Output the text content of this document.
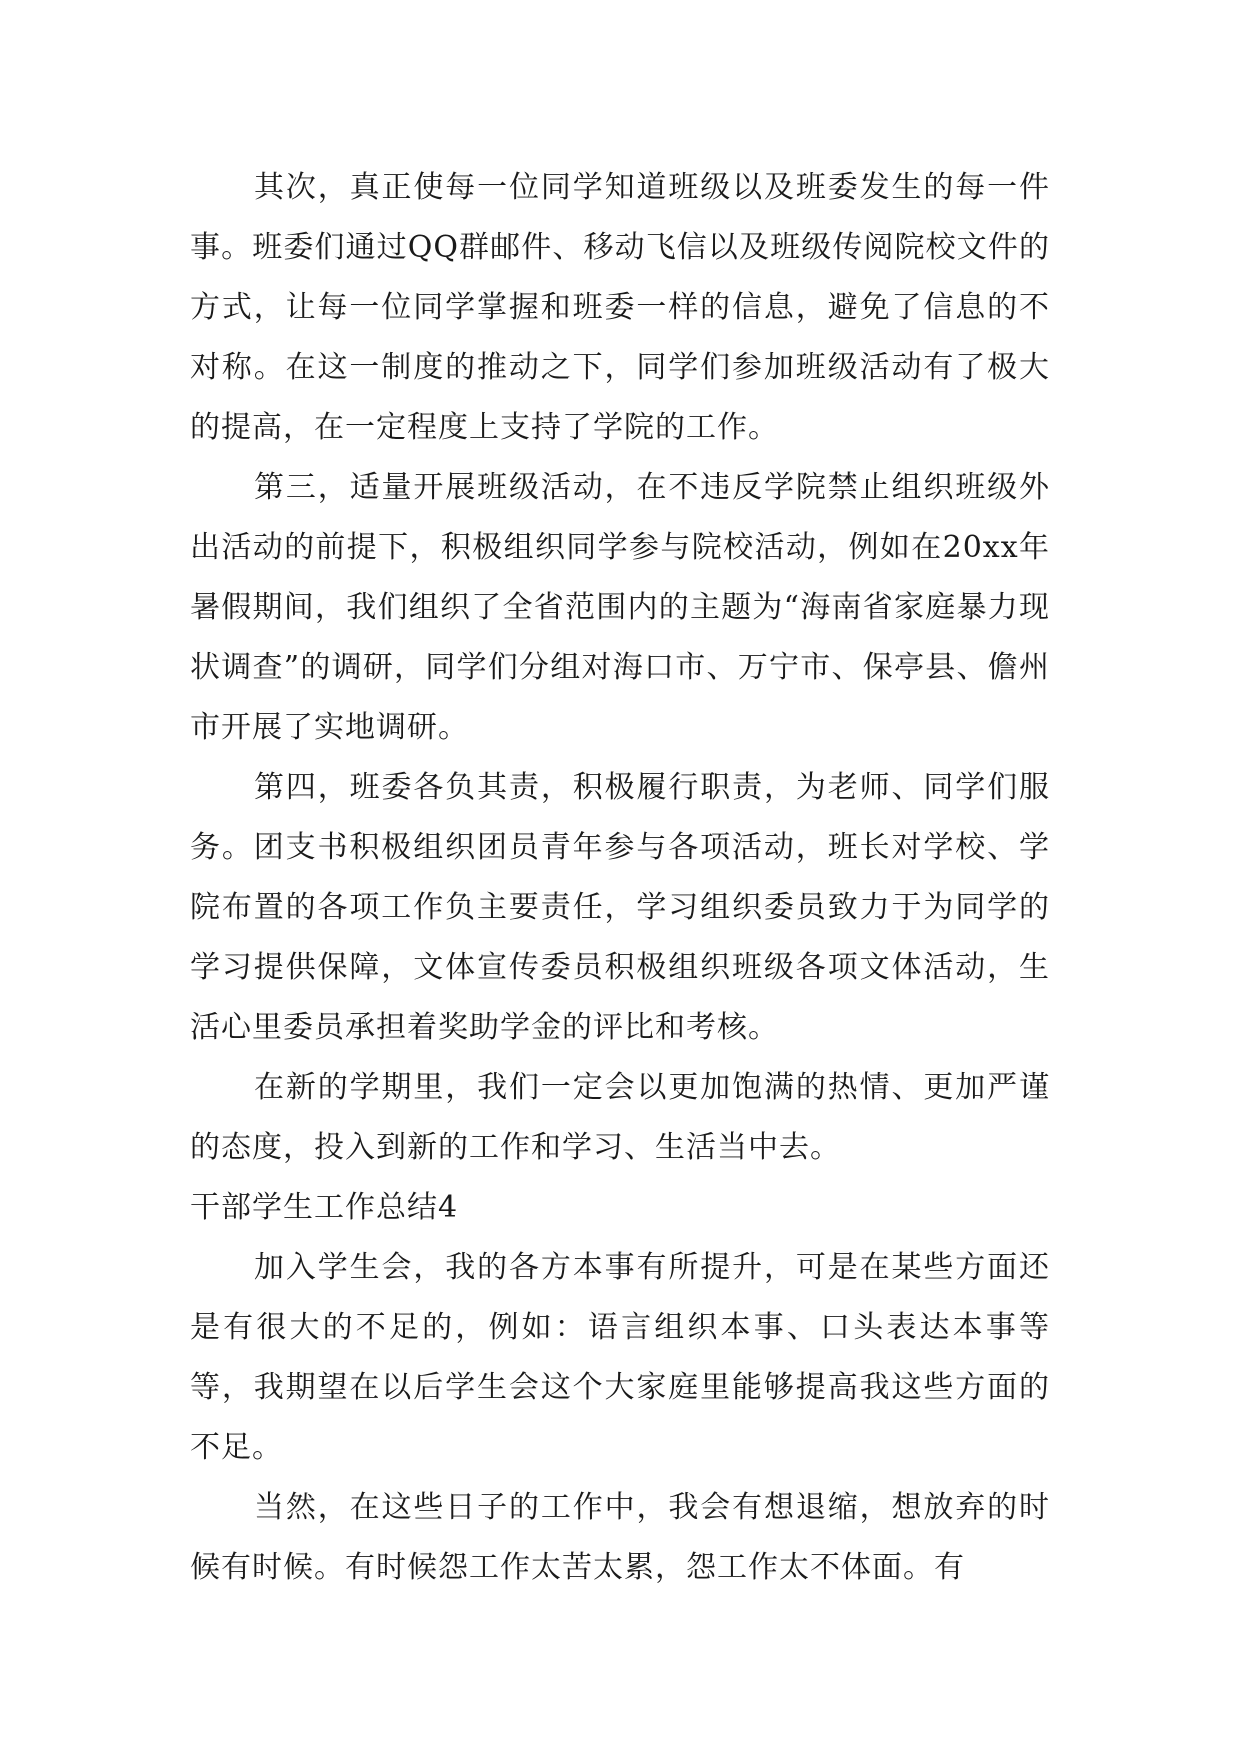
其次，真正使每一位同学知道班级以及班委发生的每一件事。班委们通过QQ群邮件、移动飞信以及班级传阅院校文件的方式，让每一位同学掌握和班委一样的信息，避免了信息的不对称。在这一制度的推动之下，同学们参加班级活动有了极大的提高，在一定程度上支持了学院的工作。

第三，适量开展班级活动，在不违反学院禁止组织班级外出活动的前提下，积极组织同学参与院校活动，例如在20xx年暑假期间，我们组织了全省范围内的主题为“海南省家庭暴力现状调查”的调研，同学们分组对海口市、万宁市、保亭县、儋州市开展了实地调研。

第四，班委各负其责，积极履行职责，为老师、同学们服务。团支书积极组织团员青年参与各项活动，班长对学校、学院布置的各项工作负主要责任，学习组织委员致力于为同学的学习提供保障，文体宣传委员积极组织班级各项文体活动，生活心里委员承担着奖助学金的评比和考核。

在新的学期里，我们一定会以更加饱满的热情、更加严谨的态度，投入到新的工作和学习、生活当中去。

干部学生工作总结4

加入学生会，我的各方本事有所提升，可是在某些方面还是有很大的不足的，例如：语言组织本事、口头表达本事等等，我期望在以后学生会这个大家庭里能够提高我这些方面的不足。

当然，在这些日子的工作中，我会有想退缩，想放弃的时候有时候。有时候怨工作太苦太累，怨工作太不体面。有
